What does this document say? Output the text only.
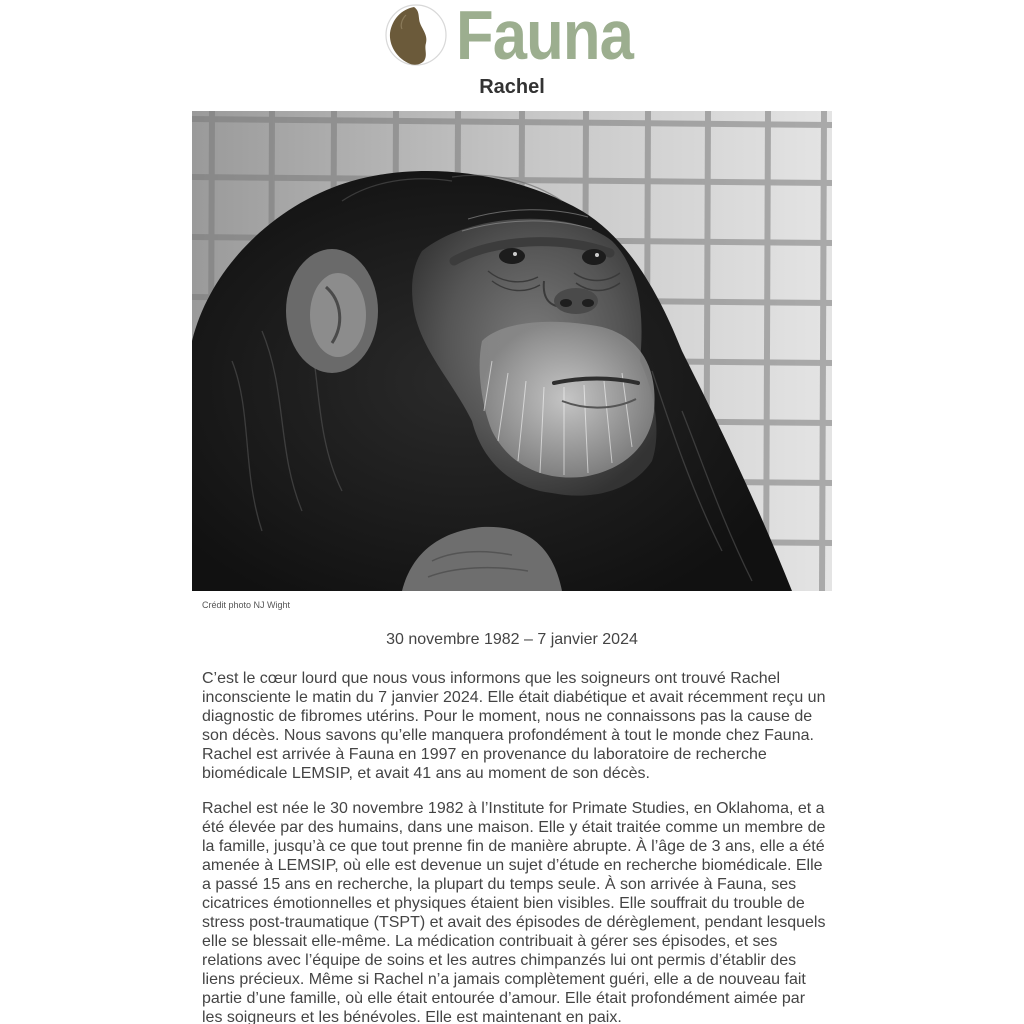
Fauna
Rachel
Crédit photo NJ Wight
30 novembre 1982 – 7 janvier 2024

C’est le cœur lourd que nous vous informons que les soigneurs ont trouvé Rachel inconsciente le matin du 7 janvier 2024. Elle était diabétique et avait récemment reçu un diagnostic de fibromes utérins. Pour le moment, nous ne connaissons pas la cause de son décès. Nous savons qu’elle manquera profondément à tout le monde chez Fauna. Rachel est arrivée à Fauna en 1997 en provenance du laboratoire de recherche biomédicale LEMSIP, et avait 41 ans au moment de son décès.

Rachel est née le 30 novembre 1982 à l’Institute for Primate Studies, en Oklahoma, et a été élevée par des humains, dans une maison. Elle y était traitée comme un membre de la famille, jusqu’à ce que tout prenne fin de manière abrupte. À l’âge de 3 ans, elle a été amenée à LEMSIP, où elle est devenue un sujet d’étude en recherche biomédicale. Elle a passé 15 ans en recherche, la plupart du temps seule. À son arrivée à Fauna, ses cicatrices émotionnelles et physiques étaient bien visibles. Elle souffrait du trouble de stress post-traumatique (TSPT) et avait des épisodes de dérèglement, pendant lesquels elle se blessait elle-même. La médication contribuait à gérer ses épisodes, et ses relations avec l’équipe de soins et les autres chimpanzés lui ont permis d’établir des liens précieux. Même si Rachel n’a jamais complètement guéri, elle a de nouveau fait partie d’une famille, où elle était entourée d’amour. Elle était profondément aimée par les soigneurs et les bénévoles. Elle est maintenant en paix.
